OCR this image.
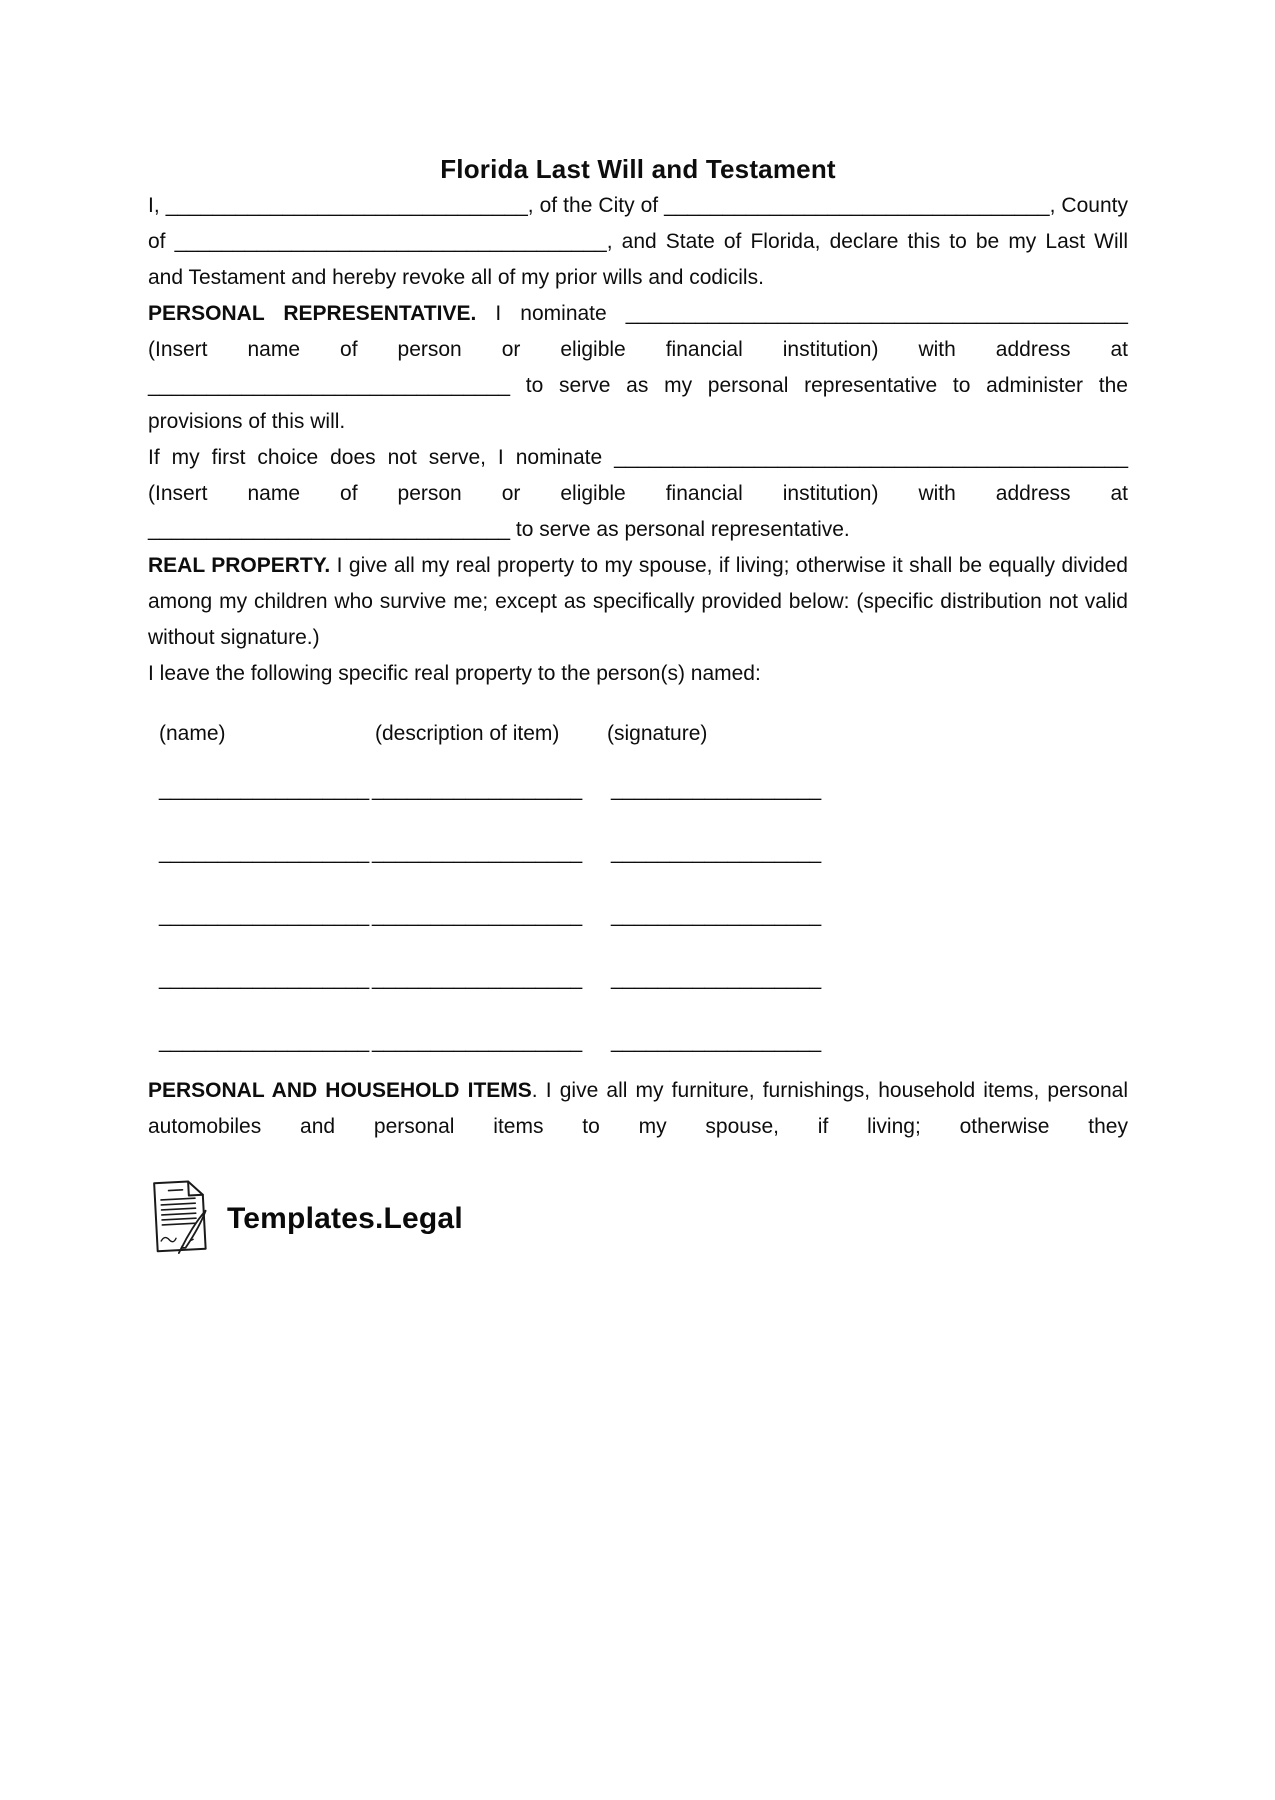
Florida Last Will and Testament

I, _______________________________, of the City of _________________________________, County of _____________________________________, and State of Florida, declare this to be my Last Will and Testament and hereby revoke all of my prior wills and codicils.

PERSONAL REPRESENTATIVE. I nominate ___________________________________________ (Insert name of person or eligible financial institution) with address at _______________________________ to serve as my personal representative to administer the provisions of this will.

If my first choice does not serve, I nominate ____________________________________________ (Insert name of person or eligible financial institution) with address at _______________________________ to serve as personal representative.

REAL PROPERTY. I give all my real property to my spouse, if living; otherwise it shall be equally divided among my children who survive me; except as specifically provided below: (specific distribution not valid without signature.)

I leave the following specific real property to the person(s) named:

(name)	(description of item) (signature)
__________________ __________________ __________________
__________________ __________________ __________________
__________________ __________________ __________________
__________________ __________________ __________________
__________________ __________________ __________________

PERSONAL AND HOUSEHOLD ITEMS. I give all my furniture, furnishings, household items, personal automobiles and personal items to my spouse, if living; otherwise they

Templates.Legal
